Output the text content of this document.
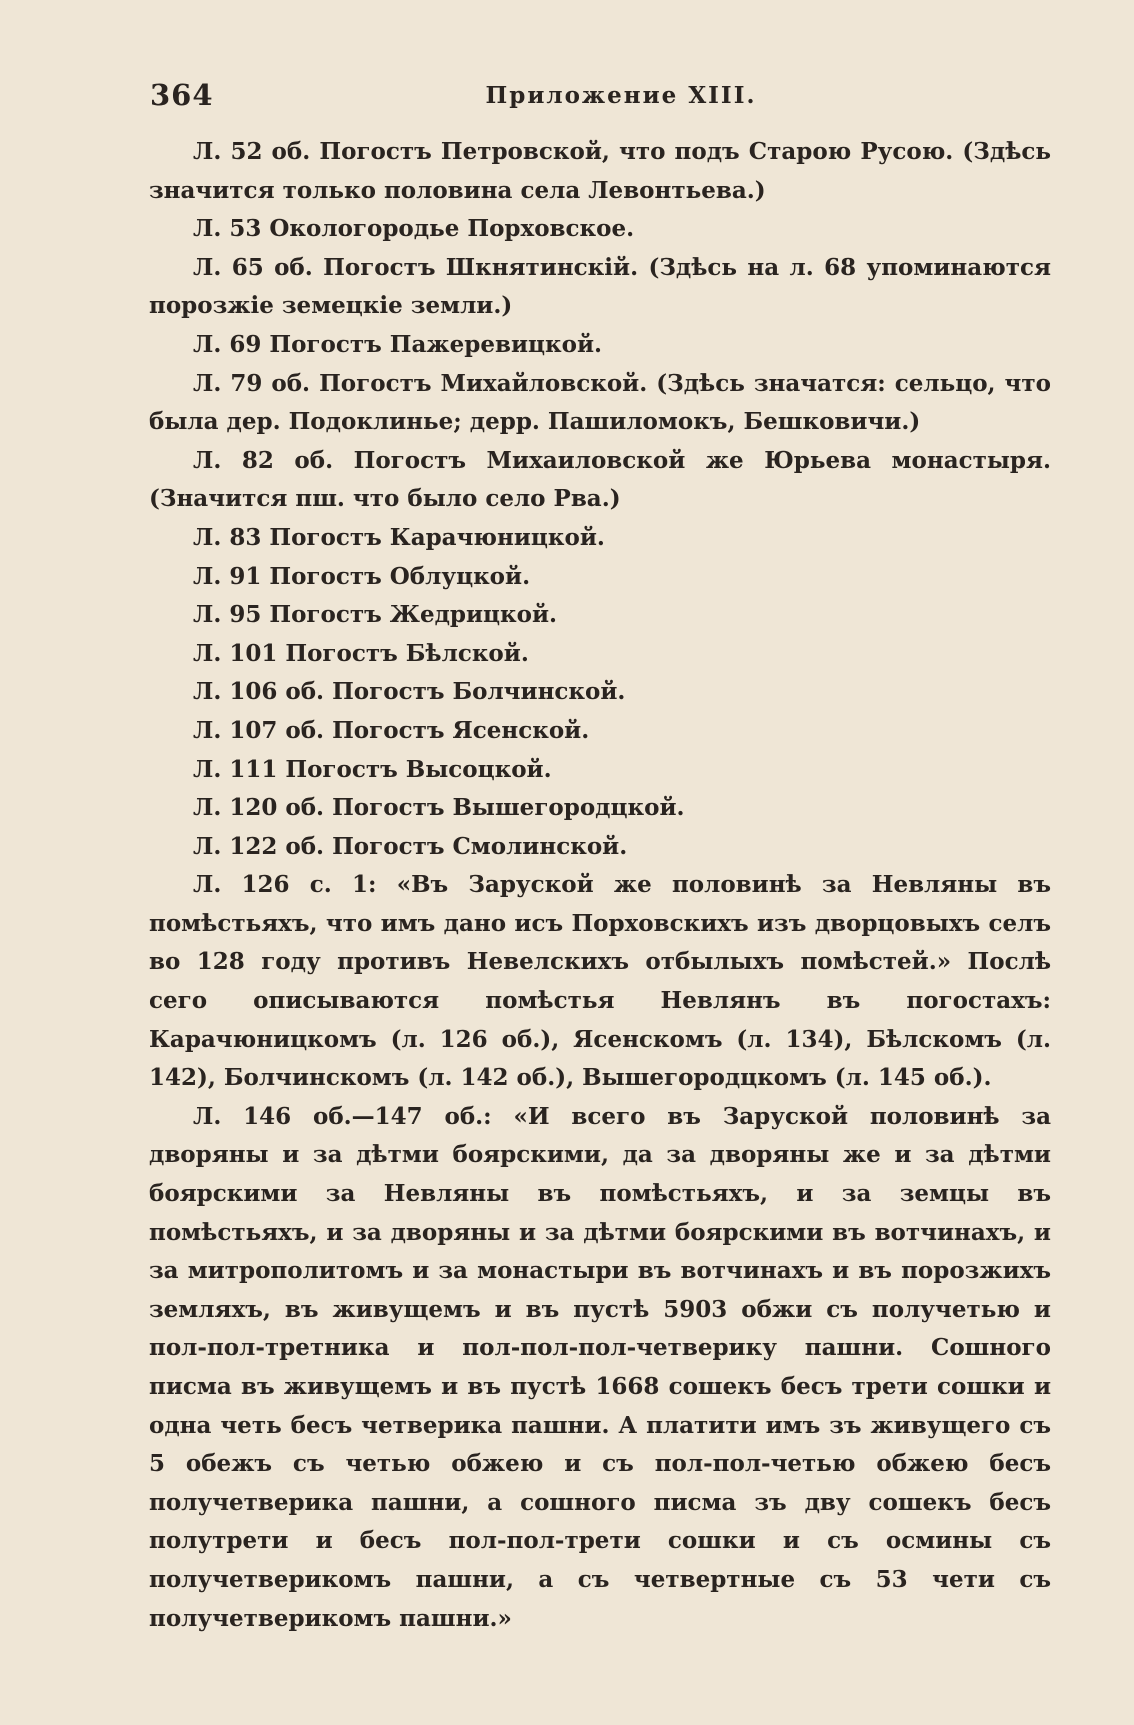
364	Приложение XIII.

Л. 52 об. Погостъ Петровской, что подъ Старою Русою. (Здѣсь значится только половина села Левонтьева.)

Л. 53 Окологородье Порховское.

Л. 65 об. Погостъ Шкнятинскій. (Здѣсь на л. 68 упоминаются порозжіе земецкіе земли.)

Л. 69 Погостъ Пажеревицкой.

Л. 79 об. Погостъ Михайловской. (Здѣсь значатся: сельцо, что была дер. Подоклинье; дерр. Пашиломокъ, Бешковичи.)

Л. 82 об. Погостъ Михаиловской же Юрьева монастыря. (Значится пш. что было село Рва.)

Л. 83 Погостъ Карачюницкой.

Л. 91 Погостъ Облуцкой.

Л. 95 Погостъ Жедрицкой.

Л. 101 Погостъ Бѣлской.

Л. 106 об. Погостъ Болчинской.

Л. 107 об. Погостъ Ясенской.

Л. 111 Погостъ Высоцкой.

Л. 120 об. Погостъ Вышегородцкой.

Л. 122 об. Погостъ Смолинской.

Л. 126 с. 1: «Въ Заруской же половинѣ за Невляны въ помѣстьяхъ, что имъ дано исъ Порховскихъ изъ дворцовыхъ селъ во 128 году противъ Невелскихъ отбылыхъ помѣстей.» Послѣ сего описываются помѣстья Невлянъ въ погостахъ: Карачюницкомъ (л. 126 об.), Ясенскомъ (л. 134), Бѣлскомъ (л. 142), Болчинскомъ (л. 142 об.), Вышегородцкомъ (л. 145 об.).

Л. 146 об.—147 об.: «И всего въ Заруской половинѣ за дворяны и за дѣтми боярскими, да за дворяны же и за дѣтми боярскими за Невляны въ помѣстьяхъ, и за земцы въ помѣстьяхъ, и за дворяны и за дѣтми боярскими въ вотчинахъ, и за митрополитомъ и за монастыри въ вотчинахъ и въ порозжихъ земляхъ, въ живущемъ и въ пустѣ 5903 обжи съ получетью и пол-пол-третника и пол-пол-пол-четверику пашни. Сошного писма въ живущемъ и въ пустѣ 1668 сошекъ бесъ трети сошки и одна четь бесъ четверика пашни. А платити имъ зъ живущего съ 5 обежъ съ четью обжею и съ пол-пол-четью обжею бесъ получетверика пашни, а сошного писма зъ дву сошекъ бесъ полутрети и бесъ пол-пол-трети сошки и съ осмины съ получетверикомъ пашни, а съ четвертные съ 53 чети съ получетверикомъ пашни.»
